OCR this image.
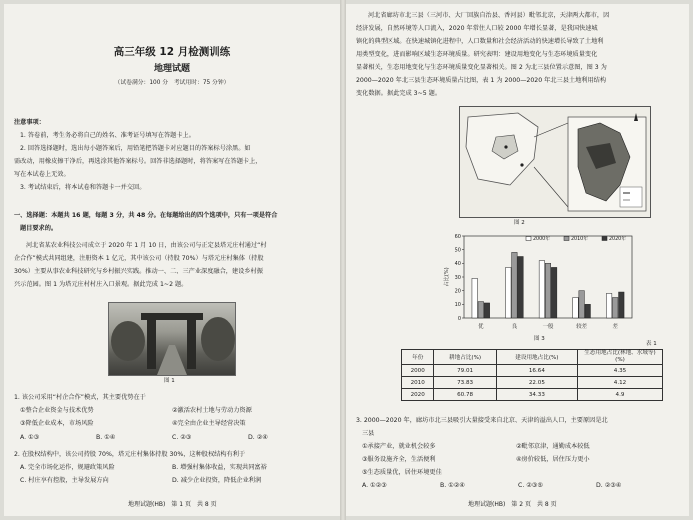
高三年级 12 月检测训练
地理试题
（试卷满分：100 分　考试用时：75 分钟）
注意事项：
1. 答卷前，考生务必将自己的姓名、准考证号填写在答题卡上。
2. 回答选择题时，选出每小题答案后，用铅笔把答题卡对应题目的答案标号涂黑。如
需改动，用橡皮擦干净后，再选涂其他答案标号。回答非选择题时，将答案写在答题卡上，
写在本试卷上无效。
3. 考试结束后，将本试卷和答题卡一并交回。
一、选择题：本题共 16 题，每题 3 分，共 48 分。在每题给出的四个选项中，只有一项是符合
题目要求的。
河北省某农业科技公司成立于 2020 年 1 月 10 日，由该公司与正定县塔元庄村通过“村
企合作”模式共同组建，注册资本 1 亿元，其中该公司（持股 70%）与塔元庄村集体（持股
30%）主要从事农业科技研究与乡村振兴实践。推动一、二、三产业深度融合，建设乡村振
兴示范园。图 1 为塔元庄村村庄入口景观。据此完成 1~2 题。
图 1
1. 该公司采用“村企合作”模式，其主要优势在于
①整合企业资金与技术优势	②激活农村土地与劳动力资源
③降低企业成本，市场风险	④完全由企业主导经营决策
A. ①③	B. ①④	C. ②③	D. ②④
2. 在股权结构中，该公司持股 70%，塔元庄村集体持股 30%，这种股权结构有利于
A. 完全市场化运作，规避政策风险	B. 增强村集体收益，实现共同富裕
C. 村庄享有控股，主导发展方向	D. 减少企业投资，降低企业利润
地理试题(HB)　第 1 页　共 8 页
河北省廊坊市北三县（三河市、大厂回族自治县、香河县）毗邻北京，天津两大都市，因
经济发展，自然环境等人口流入，2020 年常住人口较 2000 年增长显著，是我国快速城
镇化的典型区域。在快速城镇化进程中，人口数量和社会经济活动的快速增长导致了土地利
用类型变化，进而影响区域生态环境质量。研究表明：建设用地变化与生态环境质量变化
显著相关，生态用地变化与生态环境质量变化显著相关。图 2 为北三县位置示意图，图 3 为
2000—2020 年北三县生态环境质量占比图，表 1 为 2000—2020 年北三县土地利用结构
变化数据。据此完成 3~5 题。
图 2
0
10
20
30
40
50
60
占比(%)
优	良	一般	较差	差
2000年	2010年	2020年
图 3
年份	耕地占比(%)	建设用地占比(%)	生态用地占比(林地、水域等)(%)
2000	79.01	16.64	4.35
2010	73.83	22.05	4.12
2020	60.78	34.33	4.9
表 1
3. 2000—2020 年，廊坊市北三县吸引大量接受来自北京、天津的溢出人口，主要原因是北
三县
①承接产业，就业机会较多	②毗邻京津，通勤成本较低
③服务设施齐全，生活便利	④房价较低，居住压力更小
⑤生态质量优，居住环境更佳
A. ①②③	B. ①②④	C. ②③⑤	D. ②③④
地理试题(HB)　第 2 页　共 8 页
